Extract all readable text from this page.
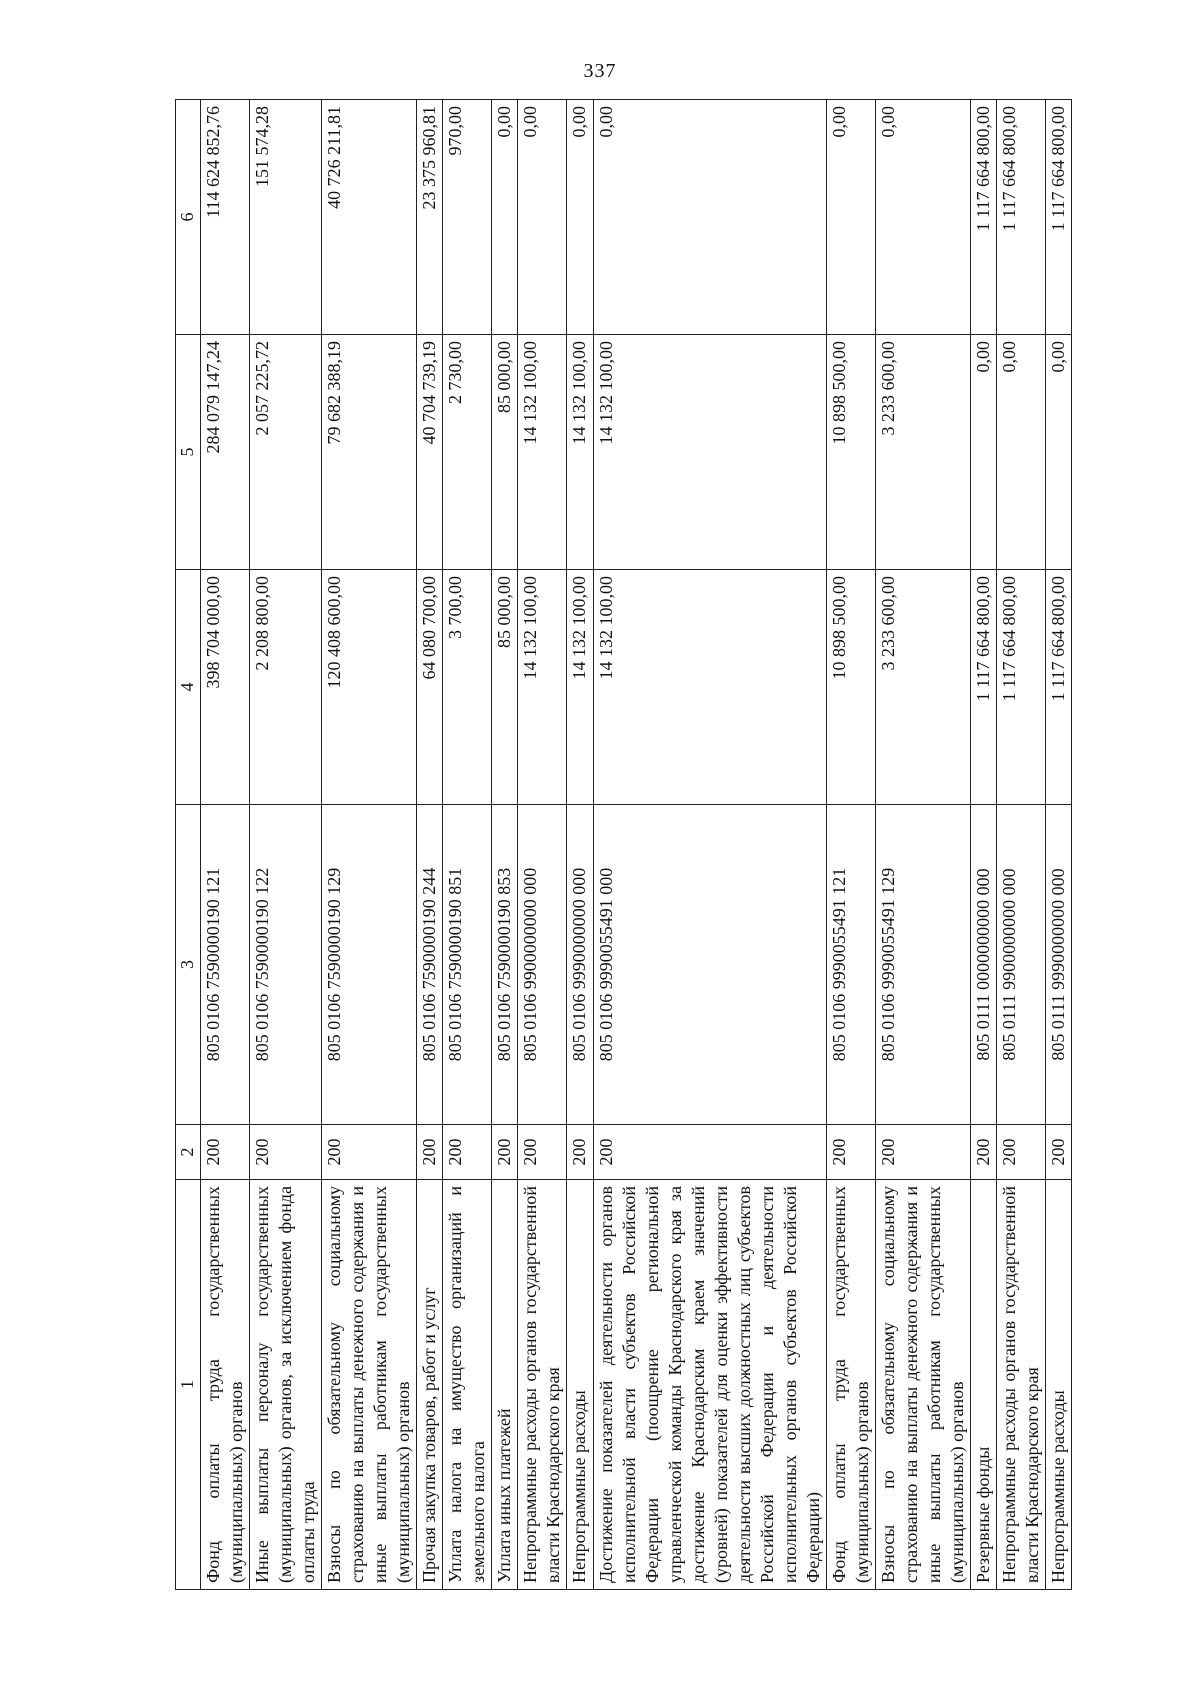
337
1	2	3	4	5	6
Фонд оплаты труда государственных (муниципальных) органов	200	805 0106 7590000190 121	398 704 000,00	284 079 147,24	114 624 852,76
Иные выплаты персоналу государственных (муниципальных) органов, за исключением фонда оплаты труда	200	805 0106 7590000190 122	2 208 800,00	2 057 225,72	151 574,28
Взносы по обязательному социальному страхованию на выплаты денежного содержания и иные выплаты работникам государственных (муниципальных) органов	200	805 0106 7590000190 129	120 408 600,00	79 682 388,19	40 726 211,81
Прочая закупка товаров, работ и услуг	200	805 0106 7590000190 244	64 080 700,00	40 704 739,19	23 375 960,81
Уплата налога на имущество организаций и земельного налога	200	805 0106 7590000190 851	3 700,00	2 730,00	970,00
Уплата иных платежей	200	805 0106 7590000190 853	85 000,00	85 000,00	0,00
Непрограммные расходы органов государственной власти Краснодарского края	200	805 0106 9900000000 000	14 132 100,00	14 132 100,00	0,00
Непрограммные расходы	200	805 0106 9990000000 000	14 132 100,00	14 132 100,00	0,00
Достижение показателей деятельности органов исполнительной власти субъектов Российской Федерации (поощрение региональной управленческой команды Краснодарского края за достижение Краснодарским краем значений (уровней) показателей для оценки эффективности деятельности высших должностных лиц субъектов Российской Федерации и деятельности исполнительных органов субъектов Российской Федерации)	200	805 0106 9990055491 000	14 132 100,00	14 132 100,00	0,00
Фонд оплаты труда государственных (муниципальных) органов	200	805 0106 9990055491 121	10 898 500,00	10 898 500,00	0,00
Взносы по обязательному социальному страхованию на выплаты денежного содержания и иные выплаты работникам государственных (муниципальных) органов	200	805 0106 9990055491 129	3 233 600,00	3 233 600,00	0,00
Резервные фонды	200	805 0111 0000000000 000	1 117 664 800,00	0,00	1 117 664 800,00
Непрограммные расходы органов государственной власти Краснодарского края	200	805 0111 9900000000 000	1 117 664 800,00	0,00	1 117 664 800,00
Непрограммные расходы	200	805 0111 9990000000 000	1 117 664 800,00	0,00	1 117 664 800,00
